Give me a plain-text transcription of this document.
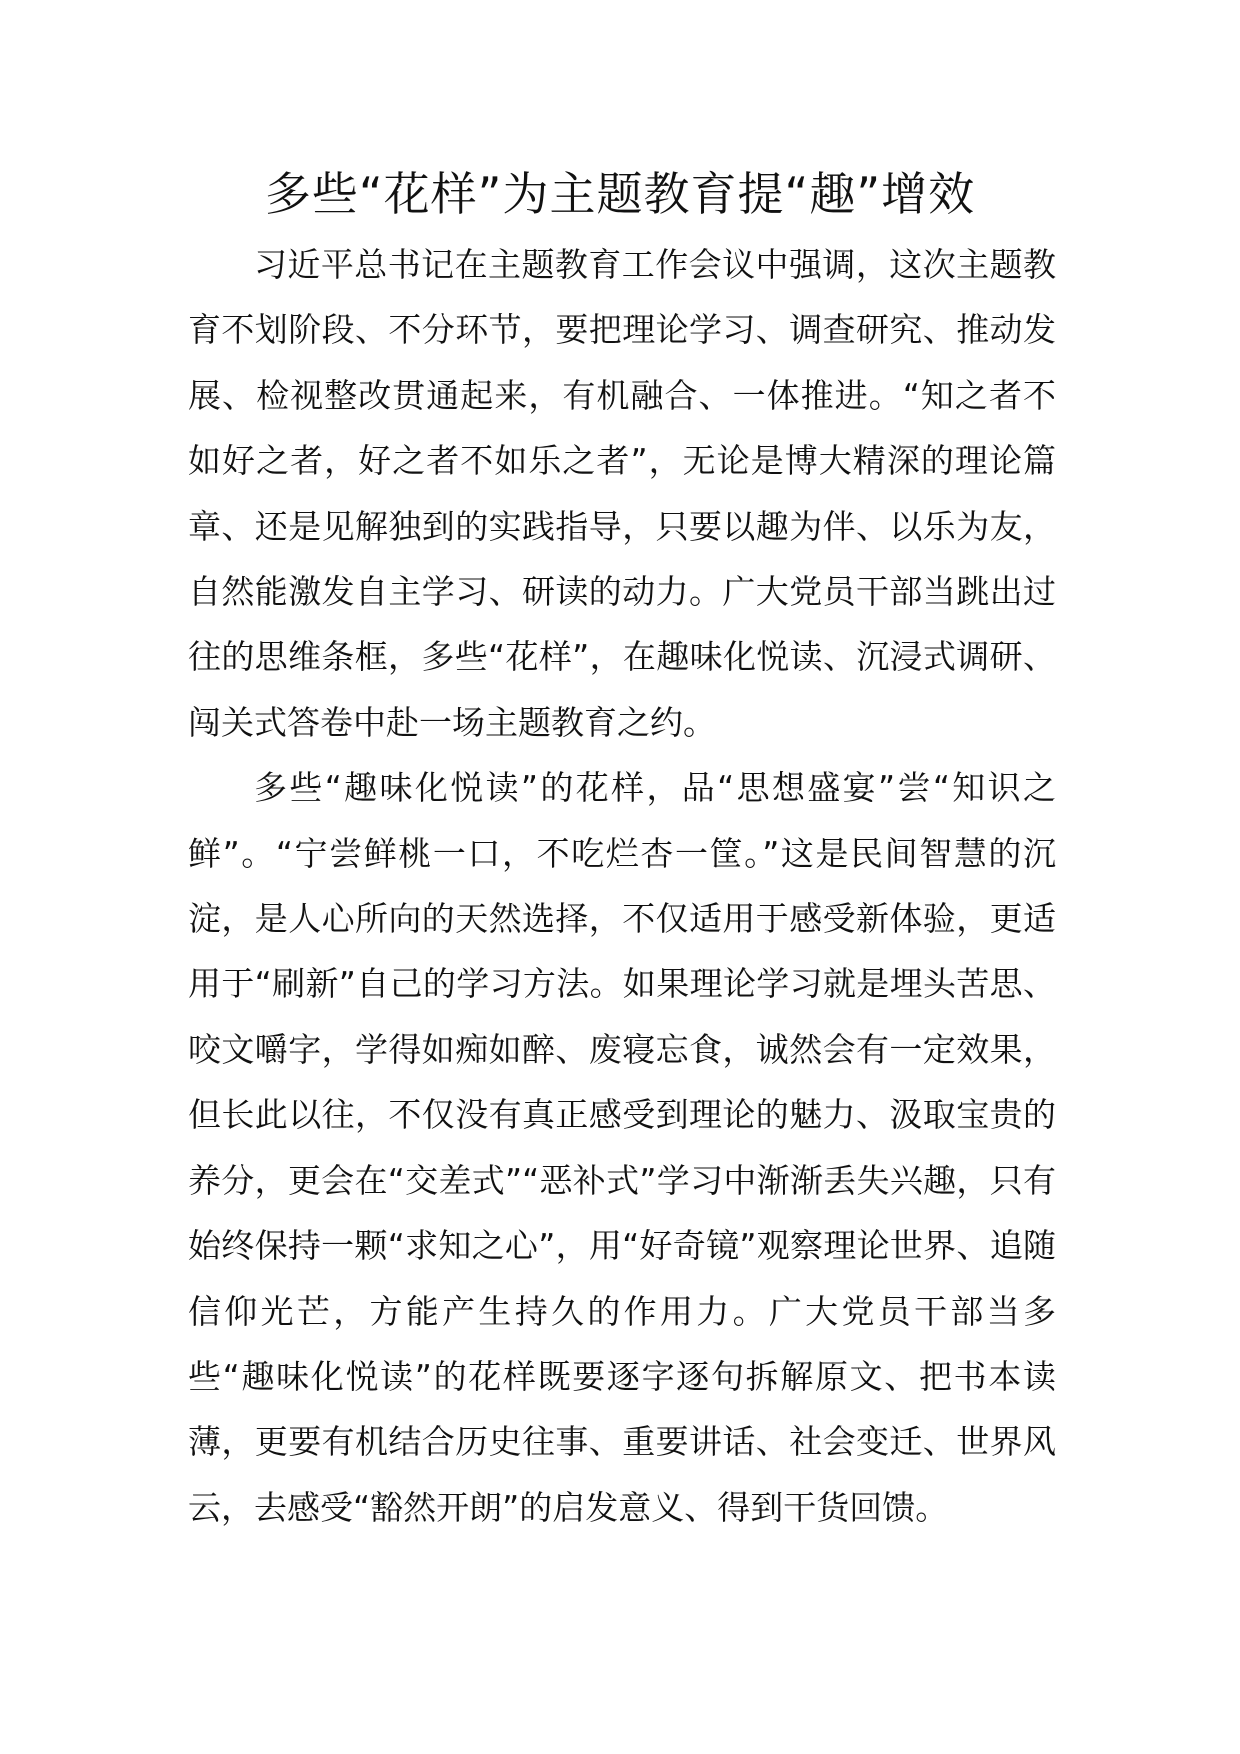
多些“花样”为主题教育提“趣”增效

习近平总书记在主题教育工作会议中强调，这次主题教育不划阶段、不分环节，要把理论学习、调查研究、推动发展、检视整改贯通起来，有机融合、一体推进。“知之者不如好之者，好之者不如乐之者”，无论是博大精深的理论篇章、还是见解独到的实践指导，只要以趣为伴、以乐为友，自然能激发自主学习、研读的动力。广大党员干部当跳出过往的思维条框，多些“花样”，在趣味化悦读、沉浸式调研、闯关式答卷中赴一场主题教育之约。

多些“趣味化悦读”的花样，品“思想盛宴”尝“知识之鲜”。“宁尝鲜桃一口，不吃烂杏一筐。”这是民间智慧的沉淀，是人心所向的天然选择，不仅适用于感受新体验，更适用于“刷新”自己的学习方法。如果理论学习就是埋头苦思、咬文嚼字，学得如痴如醉、废寝忘食，诚然会有一定效果，但长此以往，不仅没有真正感受到理论的魅力、汲取宝贵的养分，更会在“交差式”“恶补式”学习中渐渐丢失兴趣，只有始终保持一颗“求知之心”，用“好奇镜”观察理论世界、追随信仰光芒，方能产生持久的作用力。广大党员干部当多些“趣味化悦读”的花样既要逐字逐句拆解原文、把书本读薄，更要有机结合历史往事、重要讲话、社会变迁、世界风云，去感受“豁然开朗”的启发意义、得到干货回馈。
